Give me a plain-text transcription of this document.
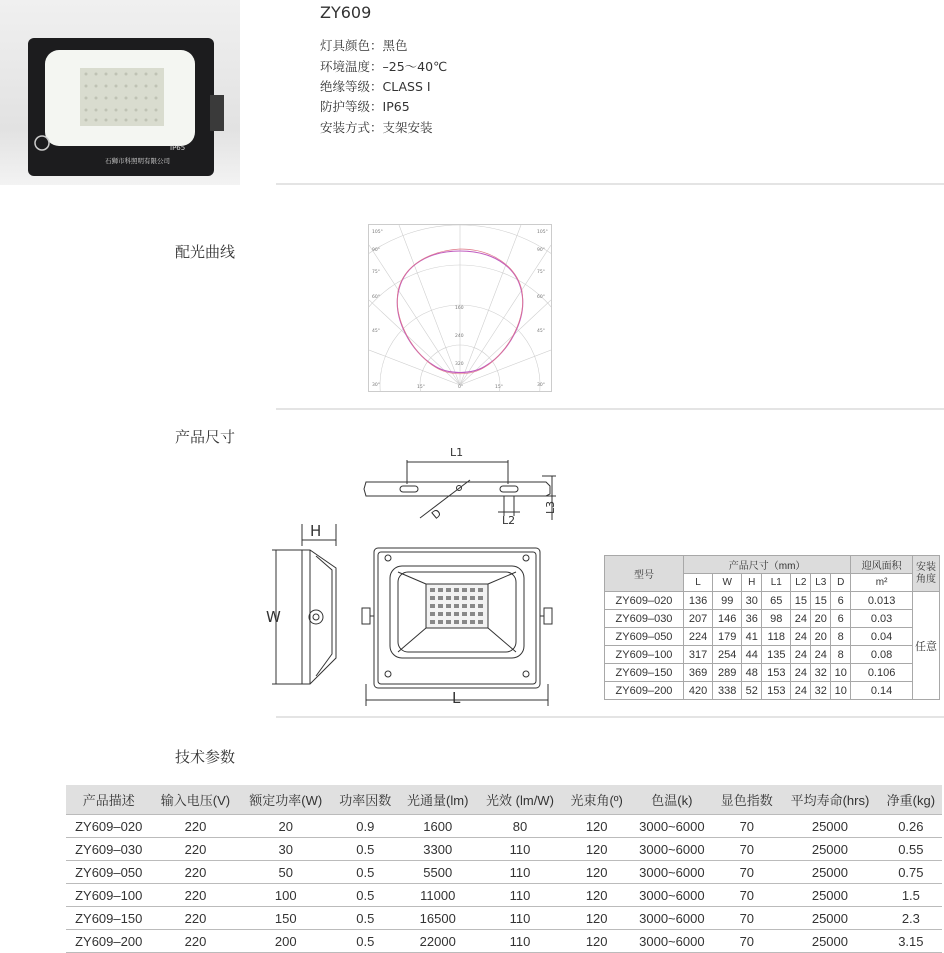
IP65
石狮市科照明有限公司
ZY609
灯具颜色：黑色
环境温度：–25～40℃
绝缘等级：CLASS Ⅰ
防护等级：IP65
安装方式：支架安装
配光曲线
105°
90°
75°
60°
45°
30°
105°
90°
75°
60°
45°
30°
15°	0°	15°
160
240
320
产品尺寸
L1
L2
L3
D
H
W
L
型号	产品尺寸（mm）							迎风面积	安装角度
	L	W	H	L1	L2	L3	D	m²	
ZY609–020	136	99	30	65	15	15	6	0.013	任意
ZY609–030	207	146	36	98	24	20	6	0.03	
ZY609–050	224	179	41	118	24	20	8	0.04	
ZY609–100	317	254	44	135	24	24	8	0.08	
ZY609–150	369	289	48	153	24	32	10	0.106	
ZY609–200	420	338	52	153	24	32	10	0.14	
技术参数
产品描述	输入电压(V)	额定功率(W)	功率因数	光通量(lm)	光效 (lm/W)	光束角(º)	色温(k)	显色指数	平均寿命(hrs)	净重(kg)
ZY609–020	220	20	0.9	1600	80	120	3000~6000	70	25000	0.26
ZY609–030	220	30	0.5	3300	110	120	3000~6000	70	25000	0.55
ZY609–050	220	50	0.5	5500	110	120	3000~6000	70	25000	0.75
ZY609–100	220	100	0.5	11000	110	120	3000~6000	70	25000	1.5
ZY609–150	220	150	0.5	16500	110	120	3000~6000	70	25000	2.3
ZY609–200	220	200	0.5	22000	110	120	3000~6000	70	25000	3.15
